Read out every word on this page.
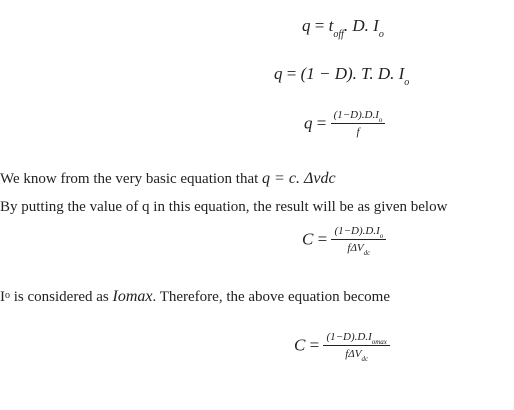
$q = t_{off}$. D. $I_o$
q = (1 − D). T. D. $I_o$
$q = \frac{(1-D).D.I_o}{f}$
We know from the very basic equation that q = c. Δvdc
By putting the value of q in this equation, the result will be as given below
$C = \frac{(1-D).D.I_o}{f\Delta V_{dc}}$
$I^o$ is considered as Iomax. Therefore, the above equation become
$C = \frac{(1-D).D.I_{omax}}{f\Delta V_{dc}}$
